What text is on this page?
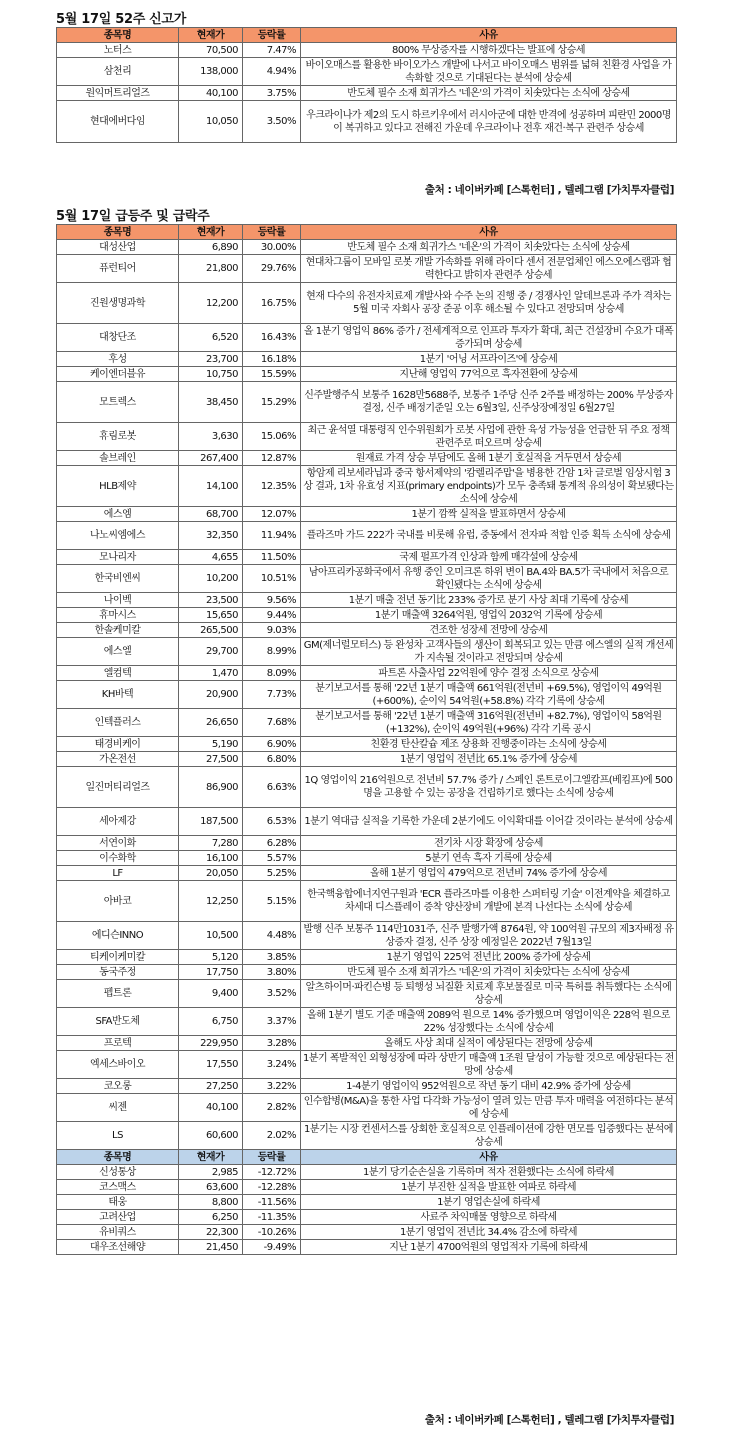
5월 17일 52주 신고가
종목명	현재가	등락률	사유
노터스	70,500	7.47%	800% 무상증자를 시행하겠다는 발표에 상승세
삼천리	138,000	4.94%	바이오매스를 활용한 바이오가스 개발에 나서고 바이오매스 범위를 넓혀 친환경 사업을 가속화할 것으로 기대된다는 분석에 상승세
원익머트리얼즈	40,100	3.75%	반도체 필수 소재 희귀가스 '네온'의 가격이 치솟았다는 소식에 상승세
현대에버다임	10,050	3.50%	우크라이나가 제2의 도시 하르키우에서 러시아군에 대한 반격에 성공하며 피란민 2000명이 복귀하고 있다고 전해진 가운데 우크라이나 전후 재건·복구 관련주 상승세
출처 : 네이버카페 [스톡헌터] , 텔레그램 [가치투자클럽]
5월 17일 급등주 및 급락주
종목명	현재가	등락률	사유
대성산업	6,890	30.00%	반도체 필수 소재 희귀가스 '네온'의 가격이 치솟았다는 소식에 상승세
퓨런티어	21,800	29.76%	현대차그룹이 모바일 로봇 개발 가속화를 위해 라이다 센서 전문업체인 에스오에스랩과 협력한다고 밝히자 관련주 상승세
진원생명과학	12,200	16.75%	현재 다수의 유전자치료제 개발사와 수주 논의 진행 중 / 경쟁사인 알데브론과 주가 격차는 5월 미국 자회사 공장 준공 이후 해소될 수 있다고 전망되며 상승세
대창단조	6,520	16.43%	올 1분기 영업익 86% 증가 / 전세계적으로 인프라 투자가 확대, 최근 건설장비 수요가 대폭 증가되며 상승세
후성	23,700	16.18%	1분기 '어닝 서프라이즈'에 상승세
케이엔더블유	10,750	15.59%	지난해 영업익 77억으로 흑자전환에 상승세
모트렉스	38,450	15.29%	신주발행주식 보통주 1628만5688주, 보통주 1주당 신주 2주를 배정하는 200% 무상증자 결정, 신주 배정기준일 오는 6월3일, 신주상장예정일 6월27일
휴림로봇	3,630	15.06%	최근 윤석열 대통령직 인수위원회가 로봇 사업에 관한 육성 가능성을 언급한 뒤 주요 정책 관련주로 떠오르며 상승세
솔브레인	267,400	12.87%	원재료 가격 상승 부담에도 올해 1분기 호실적을 거두면서 상승세
HLB제약	14,100	12.35%	항암제 리보세라닙과 중국 항서제약의 '캄렐리주맙'을 병용한 간암 1차 글로벌 임상시험 3상 결과, 1차 유효성 지표(primary endpoints)가 모두 충족돼 통계적 유의성이 확보됐다는 소식에 상승세
에스엠	68,700	12.07%	1분기 깜짝 실적을 발표하면서 상승세
나노씨엠에스	32,350	11.94%	플라즈마 가드 222가 국내를 비롯해 유럽, 중동에서 전자파 적합 인증 획득 소식에 상승세
모나리자	4,655	11.50%	국제 펄프가격 인상과 함께 매각설에 상승세
한국비엔씨	10,200	10.51%	남아프리카공화국에서 유행 중인 오미크론 하위 변이 BA.4와 BA.5가 국내에서 처음으로 확인됐다는 소식에 상승세
나이벡	23,500	9.56%	1분기 매출 전년 동기比 233% 증가로 분기 사상 최대 기록에 상승세
휴마시스	15,650	9.44%	1분기 매출액 3264억원, 영업익 2032억 기록에 상승세
한솔케미칼	265,500	9.03%	견조한 성장세 전망에 상승세
에스엘	29,700	8.99%	GM(제너럴모터스) 등 완성차 고객사들의 생산이 회복되고 있는 만큼 에스엘의 실적 개선세가 지속될 것이라고 전망되며 상승세
엘컴텍	1,470	8.09%	파트론 사출사업 22억원에 양수 결정 소식으로 상승세
KH바텍	20,900	7.73%	분기보고서를 통해 '22년 1분기 매출액 661억원(전년비 +69.5%), 영업이익 49억원(+600%), 순이익 54억원(+58.8%) 각각 기록에 상승세
인텍플러스	26,650	7.68%	분기보고서를 통해 '22년 1분기 매출액 316억원(전년비 +82.7%), 영업이익 58억원(+132%), 순이익 49억원(+96%) 각각 기록 공시
태경비케이	5,190	6.90%	친환경 탄산칼슘 제조 상용화 진행중이라는 소식에 상승세
가온전선	27,500	6.80%	1분기 영업익 전년比 65.1% 증가에 상승세
일진머티리얼즈	86,900	6.63%	1Q 영업이익 216억원으로 전년비 57.7% 증가 / 스페인 론트로이그엘캄프(베킴프)에 500명을 고용할 수 있는 공장을 건립하기로 했다는 소식에 상승세
세아제강	187,500	6.53%	1분기 역대급 실적을 기록한 가운데 2분기에도 이익확대를 이어갈 것이라는 분석에 상승세
서연이화	7,280	6.28%	전기차 시장 확장에 상승세
이수화학	16,100	5.57%	5분기 연속 흑자 기록에 상승세
LF	20,050	5.25%	올해 1분기 영업익 479억으로 전년비 74% 증가에 상승세
아바코	12,250	5.15%	한국핵융합에너지연구원과 'ECR 플라즈마를 이용한 스퍼터링 기술' 이전계약을 체결하고 차세대 디스플레이 증착 양산장비 개발에 본격 나선다는 소식에 상승세
에디슨INNO	10,500	4.48%	발행 신주 보통주 114만1031주, 신주 발행가액 8764원, 약 100억원 규모의 제3자배정 유상증자 결정, 신주 상장 예정일은 2022년 7월13일
티케이케미칼	5,120	3.85%	1분기 영업익 225억 전년比 200% 증가에 상승세
동국주정	17,750	3.80%	반도체 필수 소재 희귀가스 '네온'의 가격이 치솟았다는 소식에 상승세
펩트론	9,400	3.52%	알츠하이머·파킨슨병 등 퇴행성 뇌질환 치료제 후보물질로 미국 특허를 취득했다는 소식에 상승세
SFA반도체	6,750	3.37%	올해 1분기 별도 기준 매출액 2089억 원으로 14% 증가했으며 영업이익은 228억 원으로 22% 성장했다는 소식에 상승세
프로텍	229,950	3.28%	올해도 사상 최대 실적이 예상된다는 전망에 상승세
엑세스바이오	17,550	3.24%	1분기 폭발적인 외형성장에 따라 상반기 매출액 1조원 달성이 가능할 것으로 예상된다는 전망에 상승세
코오롱	27,250	3.22%	1-4분기 영업이익 952억원으로 작년 동기 대비 42.9% 증가에 상승세
씨젠	40,100	2.82%	인수합병(M&A)을 통한 사업 다각화 가능성이 열려 있는 만큼 투자 매력을 여전하다는 분석에 상승세
LS	60,600	2.02%	1분기는 시장 컨센서스를 상회한 호실적으로 인플레이션에 강한 면모를 입증했다는 분석에 상승세
종목명	현재가	등락률	사유
신성통상	2,985	-12.72%	1분기 당기순손실을 기록하며 적자 전환했다는 소식에 하락세
코스맥스	63,600	-12.28%	1분기 부진한 실적을 발표한 여파로 하락세
태웅	8,800	-11.56%	1분기 영업손실에 하락세
고려산업	6,250	-11.35%	사료주 차익매물 영향으로 하락세
유비쿼스	22,300	-10.26%	1분기 영업익 전년比 34.4% 감소에 하락세
대우조선해양	21,450	-9.49%	지난 1분기 4700억원의 영업적자 기록에 하락세
출처 : 네이버카페 [스톡헌터] , 텔레그램 [가치투자클럽]
